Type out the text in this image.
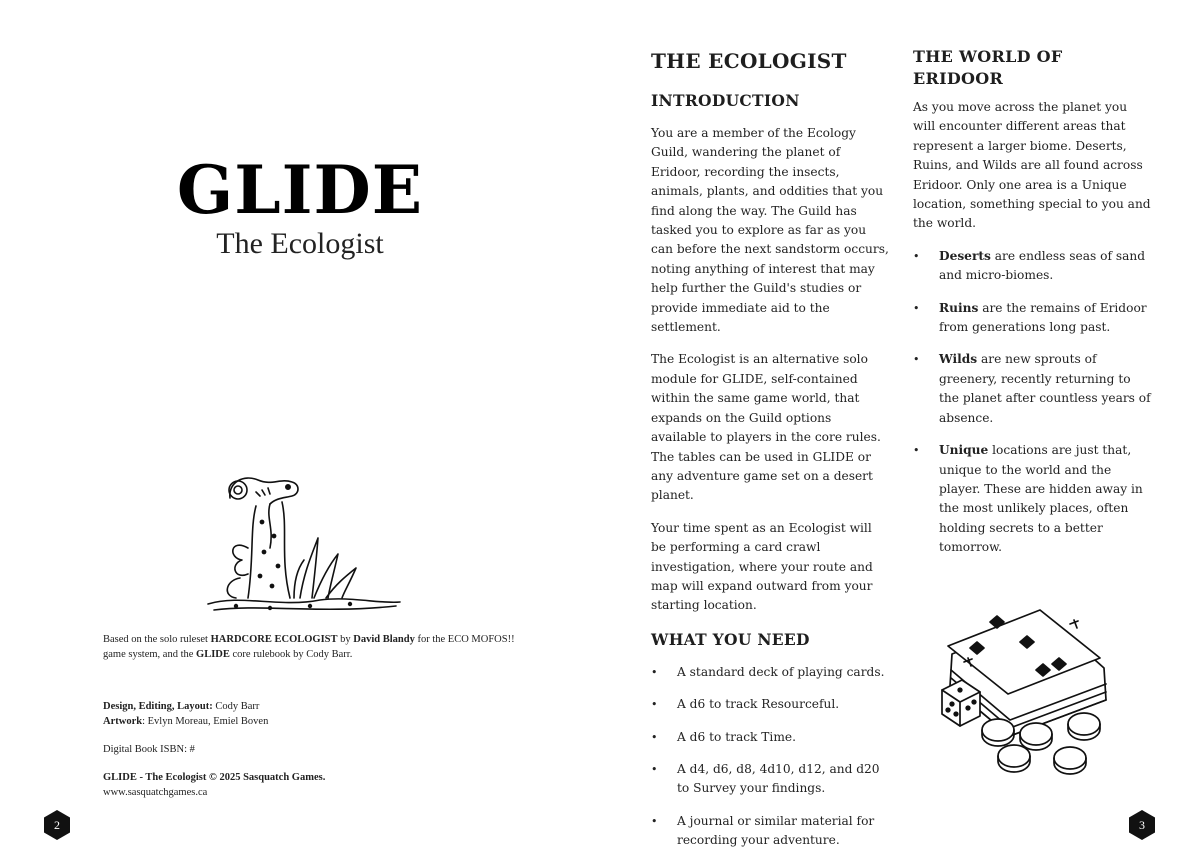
GLIDE
The Ecologist

Based on the solo ruleset HARDCORE ECOLOGIST by David Blandy for the ECO MOFOS!! game system, and the GLIDE core rulebook by Cody Barr.

Design, Editing, Layout: Cody Barr

Artwork: Evlyn Moreau, Emiel Boven

Digital Book ISBN: #

GLIDE - The Ecologist © 2025 Sasquatch Games.

www.sasquatchgames.ca

2
THE ECOLOGIST
INTRODUCTION

You are a member of the Ecology Guild, wandering the planet of Eridoor, recording the insects, animals, plants, and oddities that you find along the way. The Guild has tasked you to explore as far as you can before the next sandstorm occurs, noting anything of interest that may help further the Guild's studies or provide immediate aid to the settlement.

The Ecologist is an alternative solo module for GLIDE, self-contained within the same game world, that expands on the Guild options available to players in the core rules. The tables can be used in GLIDE or any adventure game set on a desert planet.

Your time spent as an Ecologist will be performing a card crawl investigation, where your route and map will expand outward from your starting location.

WHAT YOU NEED
• A standard deck of playing cards.
• A d6 to track Resourceful.
• A d6 to track Time.
• A d4, d6, d8, 4d10, d12, and d20 to Survey your findings.
• A journal or similar material for recording your adventure.
THE WORLD OF ERIDOOR

As you move across the planet you will encounter different areas that represent a larger biome. Deserts, Ruins, and Wilds are all found across Eridoor. Only one area is a Unique location, something special to you and the world.

• Deserts are endless seas of sand and micro-biomes.
• Ruins are the remains of Eridoor from generations long past.
• Wilds are new sprouts of greenery, recently returning to the planet after countless years of absence.
• Unique locations are just that, unique to the world and the player. These are hidden away in the most unlikely places, often holding secrets to a better tomorrow.
3
